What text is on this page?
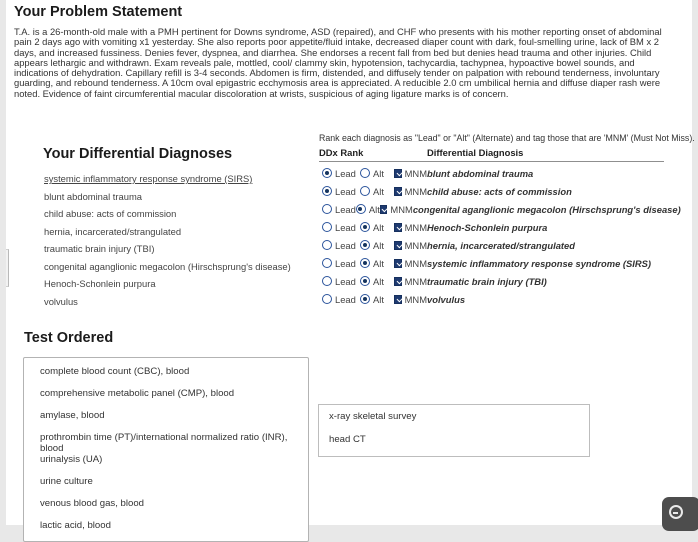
Your Problem Statement
T.A. is a 26-month-old male with a PMH pertinent for Downs syndrome, ASD (repaired), and CHF who presents with his mother reporting onset of abdominal pain 2 days ago with vomiting x1 yesterday. She also reports poor appetite/fluid intake, decreased diaper count with dark, foul-smelling urine, lack of BM x 2 days, and increased fussiness. Denies fever, dyspnea, and diarrhea. She endorses a recent fall from bed but denies head trauma and other injuries. Child appears lethargic and withdrawn. Exam reveals pale, mottled, cool/ clammy skin, hypotension, tachycardia, tachypnea, hypoactive bowel sounds, and indications of dehydration. Capillary refill is 3-4 seconds. Abdomen is firm, distended, and diffusely tender on palpation with rebound tenderness, involuntary guarding, and rebound tenderness. A 10cm oval epigastric ecchymosis area is appreciated. A reducible 2.0 cm umbilical hernia and diffuse diaper rash were noted. Evidence of faint circumferential macular discoloration at wrists, suspicious of aging ligature marks is of concern.
Your Differential Diagnoses
systemic inflammatory response syndrome (SIRS)
blunt abdominal trauma
child abuse: acts of commission
hernia, incarcerated/strangulated
traumatic brain injury (TBI)
congenital aganglionic megacolon (Hirschsprung's disease)
Henoch-Schonlein purpura
volvulus
Rank each diagnosis as "Lead" or "Alt" (Alternate) and tag those that are 'MNM' (Must Not Miss).
DDx Rank	Differential Diagnosis
Lead Alt MNM blunt abdominal trauma
Lead Alt MNM child abuse: acts of commission
Lead Alt MNM congenital aganglionic megacolon (Hirschsprung's disease)
Lead Alt MNM Henoch-Schonlein purpura
Lead Alt MNM hernia, incarcerated/strangulated
Lead Alt MNM systemic inflammatory response syndrome (SIRS)
Lead Alt MNM traumatic brain injury (TBI)
Lead Alt MNM volvulus
Test Ordered
complete blood count (CBC), blood
comprehensive metabolic panel (CMP), blood
amylase, blood
prothrombin time (PT)/international normalized ratio (INR), blood
urinalysis (UA)
urine culture
venous blood gas, blood
lactic acid, blood
x-ray skeletal survey
head CT
